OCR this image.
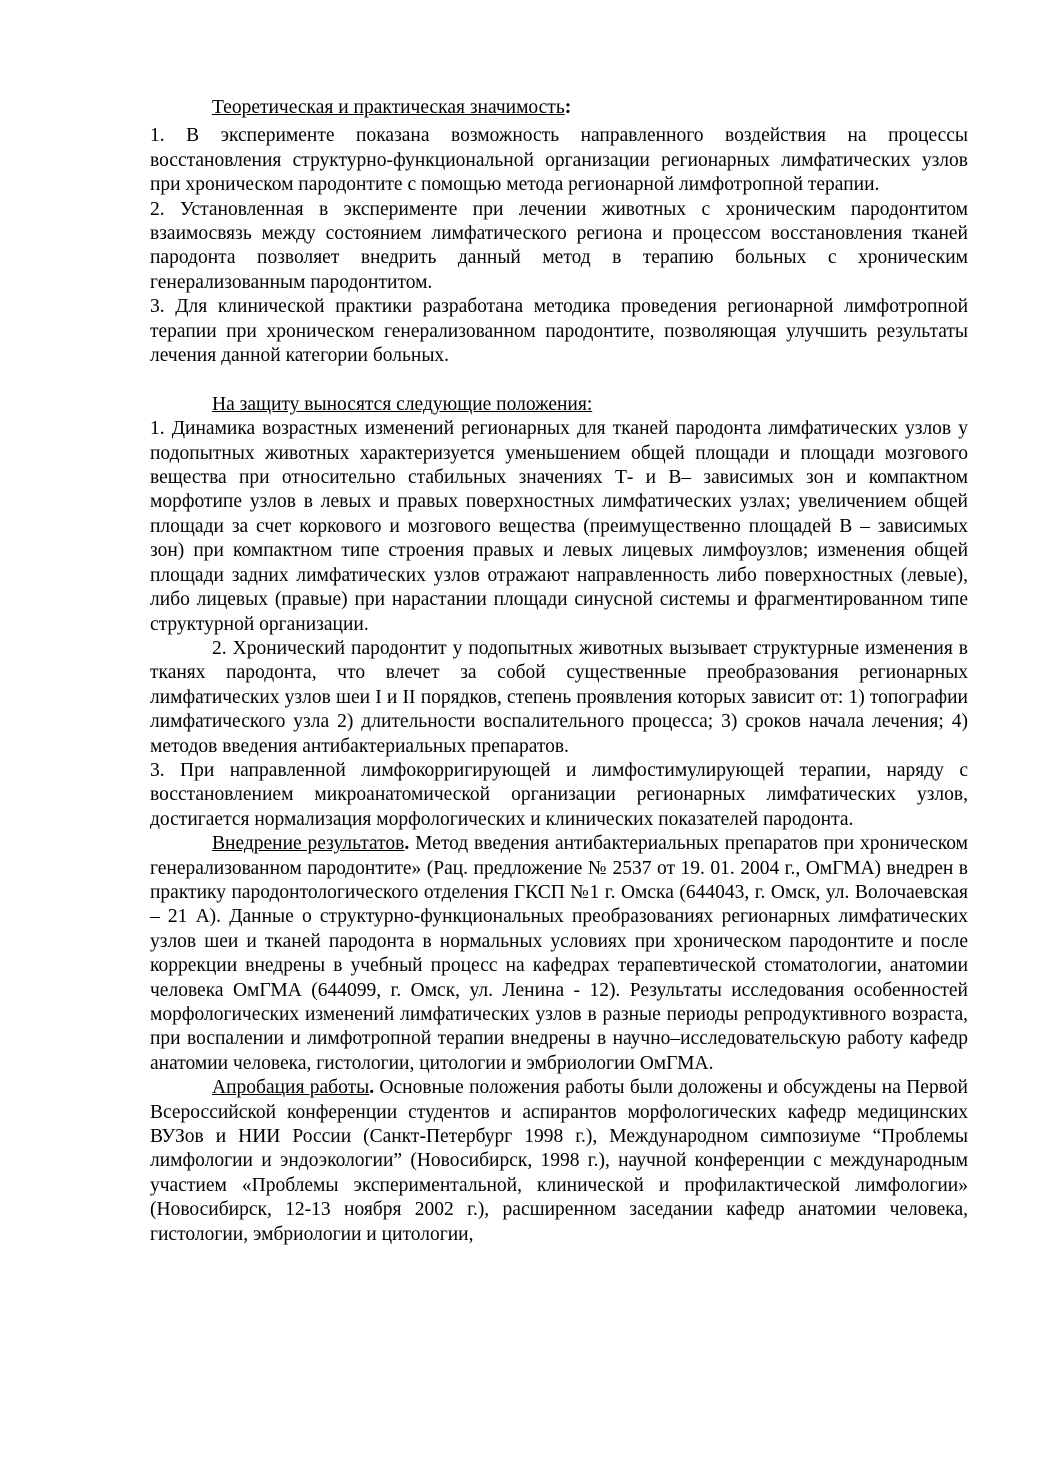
Теоретическая и практическая значимость:

1. В эксперименте показана возможность направленного воздействия на процессы восстановления структурно-функциональной организации регионарных лимфатических узлов при хроническом пародонтите с помощью метода регионарной лимфотропной терапии.

2. Установленная в эксперименте при лечении животных с хроническим пародонтитом взаимосвязь между состоянием лимфатического региона и процессом восстановления тканей пародонта позволяет внедрить данный метод в терапию больных с хроническим генерализованным пародонтитом.

3. Для клинической практики разработана методика проведения регионарной лимфотропной терапии при хроническом генерализованном пародонтите, позволяющая улучшить результаты лечения данной категории больных.

На защиту выносятся следующие положения:

1. Динамика возрастных изменений регионарных для тканей пародонта лимфатических узлов у подопытных животных характеризуется уменьшением общей площади и площади мозгового вещества при относительно стабильных значениях Т- и В– зависимых зон и компактном морфотипе узлов в левых и правых поверхностных лимфатических узлах; увеличением общей площади за счет коркового и мозгового вещества (преимущественно площадей В – зависимых зон) при компактном типе строения правых и левых лицевых лимфоузлов; изменения общей площади задних лимфатических узлов отражают направленность либо поверхностных (левые), либо лицевых (правые) при нарастании площади синусной системы и фрагментированном типе структурной организации.

2. Хронический пародонтит у подопытных животных вызывает структурные изменения в тканях пародонта, что влечет за собой существенные преобразования регионарных лимфатических узлов шеи I и II порядков, степень проявления которых зависит от: 1) топографии лимфатического узла 2) длительности воспалительного процесса; 3) сроков начала лечения; 4) методов введения антибактериальных препаратов.

3. При направленной лимфокорригирующей и лимфостимулирующей терапии, наряду с восстановлением микроанатомической организации регионарных лимфатических узлов, достигается нормализация морфологических и клинических показателей пародонта.

Внедрение результатов. Метод введения антибактериальных препаратов при хроническом генерализованном пародонтите» (Рац. предложение № 2537 от 19. 01. 2004 г., ОмГМА) внедрен в практику пародонтологического отделения ГКСП №1 г. Омска (644043, г. Омск, ул. Волочаевская – 21 А). Данные о структурно-функциональных преобразованиях регионарных лимфатических узлов шеи и тканей пародонта в нормальных условиях при хроническом пародонтите и после коррекции внедрены в учебный процесс на кафедрах терапевтической стоматологии, анатомии человека ОмГМА (644099, г. Омск, ул. Ленина - 12). Результаты исследования особенностей морфологических изменений лимфатических узлов в разные периоды репродуктивного возраста, при воспалении и лимфотропной терапии внедрены в научно–исследовательскую работу кафедр анатомии человека, гистологии, цитологии и эмбриологии ОмГМА.

Апробация работы. Основные положения работы были доложены и обсуждены на Первой Всероссийской конференции студентов и аспирантов морфологических кафедр медицинских ВУЗов и НИИ России (Санкт-Петербург 1998 г.), Международном симпозиуме “Проблемы лимфологии и эндоэкологии” (Новосибирск, 1998 г.), научной конференции с международным участием «Проблемы экспериментальной, клинической и профилактической лимфологии» (Новосибирск, 12-13 ноября 2002 г.), расширенном заседании кафедр анатомии человека, гистологии, эмбриологии и цитологии,
